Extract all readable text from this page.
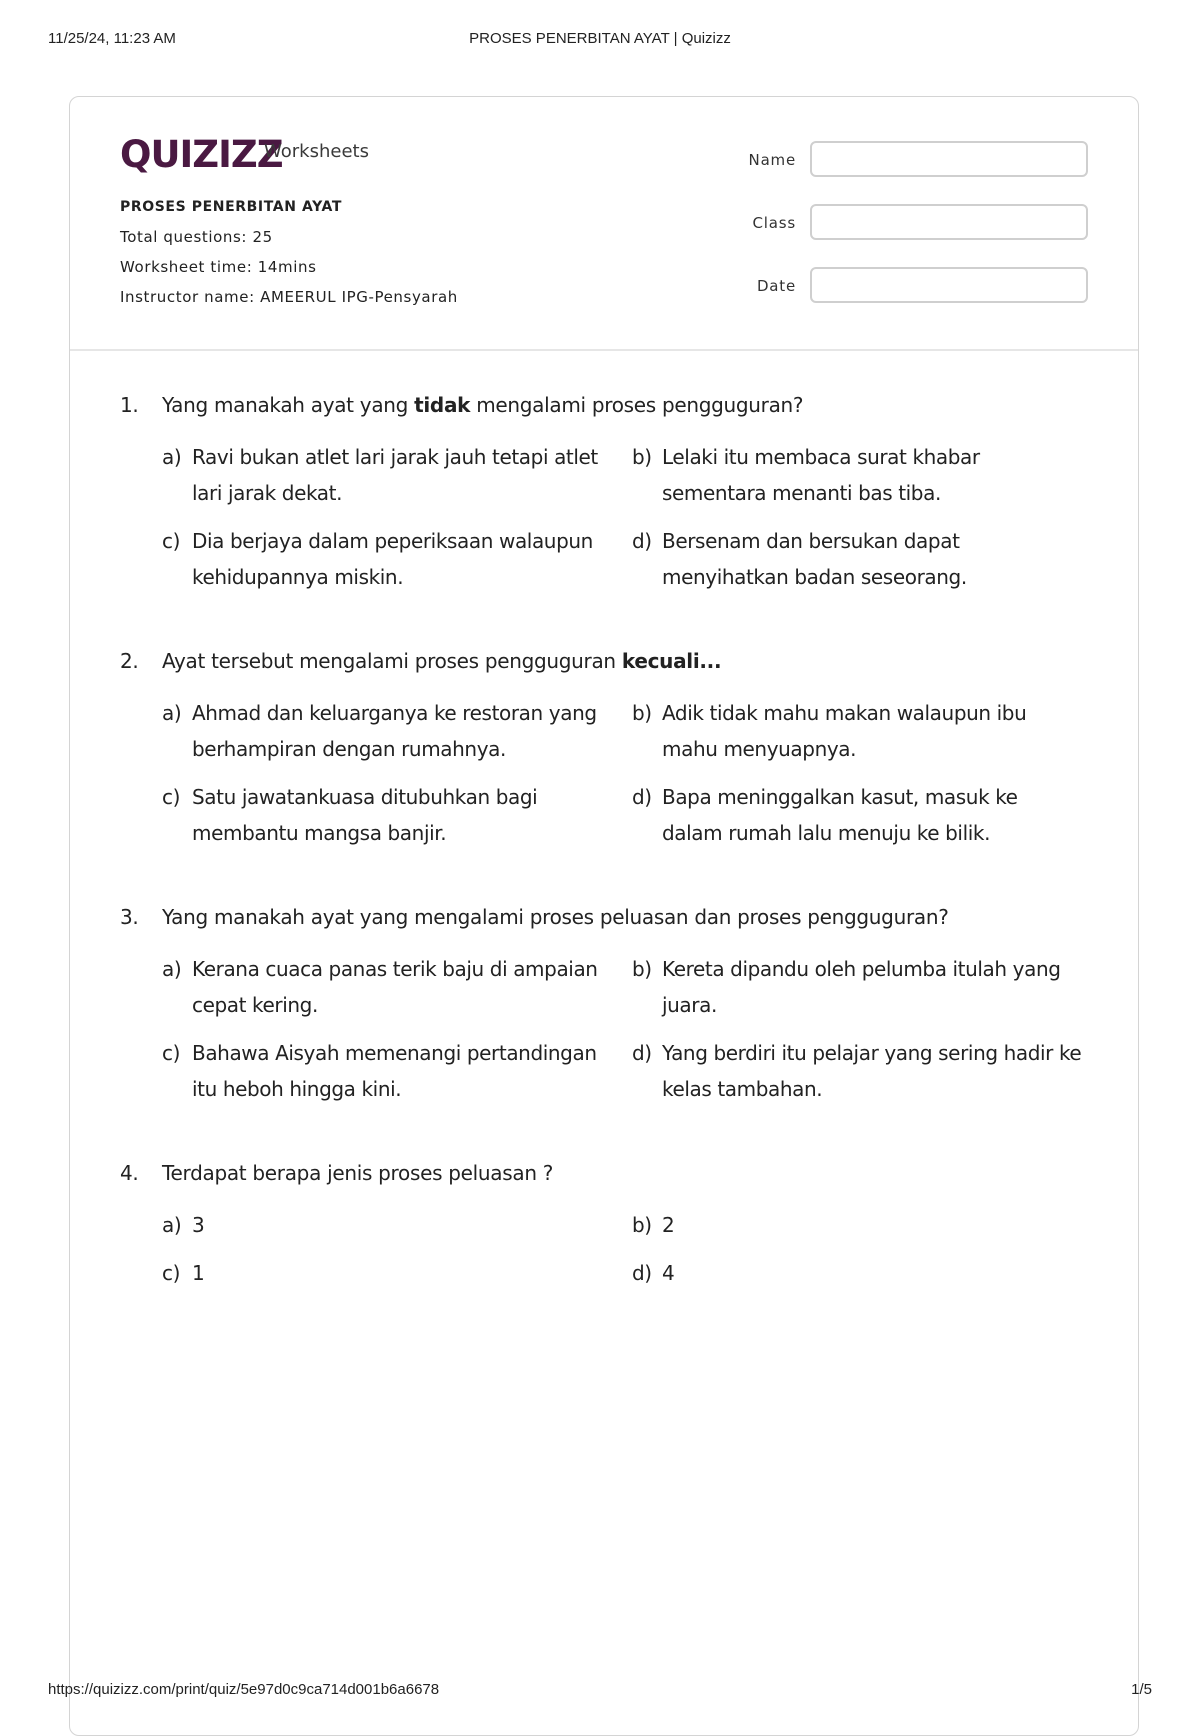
11/25/24, 11:23 AM	PROSES PENERBITAN AYAT | Quizizz
QUIZIZZ
Worksheets
PROSES PENERBITAN AYAT
Total questions: 25
Worksheet time: 14mins
Instructor name: AMEERUL IPG-Pensyarah
Name
Class
Date
1.	Yang manakah ayat yang tidak mengalami proses pengguguran?
a) Ravi bukan atlet lari jarak jauh tetapi atlet lari jarak dekat.
b) Lelaki itu membaca surat khabar sementara menanti bas tiba.
c) Dia berjaya dalam peperiksaan walaupun kehidupannya miskin.
d) Bersenam dan bersukan dapat menyihatkan badan seseorang.
2.	Ayat tersebut mengalami proses pengguguran kecuali...
a) Ahmad dan keluarganya ke restoran yang berhampiran dengan rumahnya.
b) Adik tidak mahu makan walaupun ibu mahu menyuapnya.
c) Satu jawatankuasa ditubuhkan bagi membantu mangsa banjir.
d) Bapa meninggalkan kasut, masuk ke dalam rumah lalu menuju ke bilik.
3.	Yang manakah ayat yang mengalami proses peluasan dan proses pengguguran?
a) Kerana cuaca panas terik baju di ampaian cepat kering.
b) Kereta dipandu oleh pelumba itulah yang juara.
c) Bahawa Aisyah memenangi pertandingan itu heboh hingga kini.
d) Yang berdiri itu pelajar yang sering hadir ke kelas tambahan.
4.	Terdapat berapa jenis proses peluasan ?
a) 3	b) 2
c) 1	d) 4
https://quizizz.com/print/quiz/5e97d0c9ca714d001b6a6678	1/5
